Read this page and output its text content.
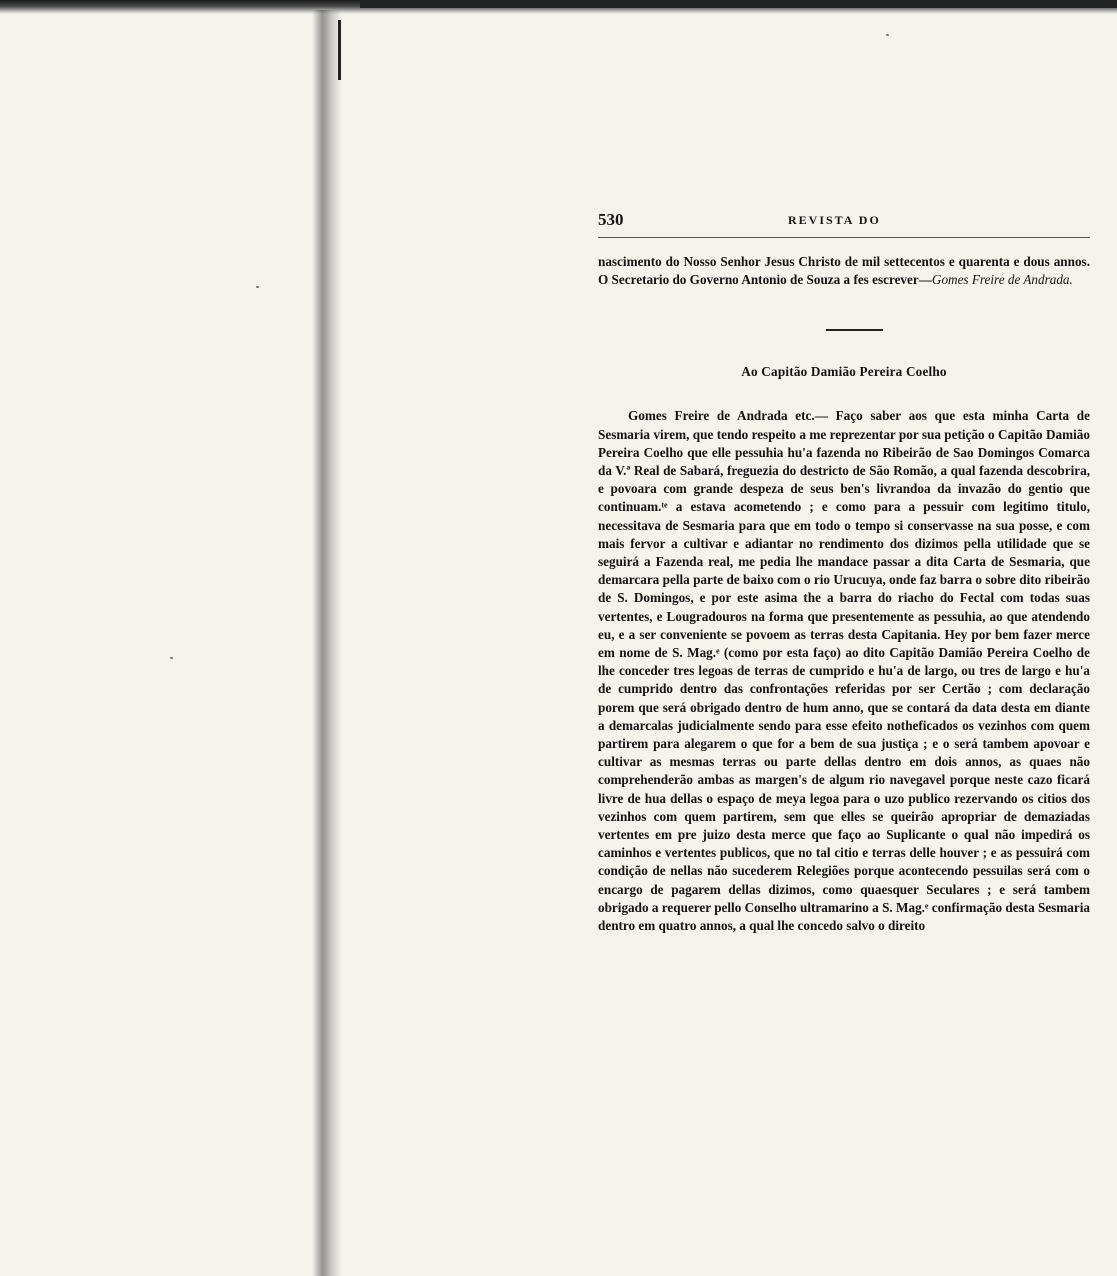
530	REVISTA DO

nascimento do Nosso Senhor Jesus Christo de mil settecentos e quarenta e dous annos. O Secretario do Governo Antonio de Souza a fes escrever—Gomes Freire de Andrada.

Ao Capitão Damião Pereira Coelho

Gomes Freire de Andrada etc.— Faço saber aos que esta minha Carta de Sesmaria virem, que tendo respeito a me reprezentar por sua petição o Capitão Damião Pereira Coelho que elle pessuhia hu'a fazenda no Ribeirão de Sao Domingos Comarca da V.ª Real de Sabará, freguezia do destricto de São Romão, a qual fazenda descobrira, e povoara com grande despeza de seus ben's livrandoa da invazão do gentio que continuam.ᵗᵉ a estava acometendo ; e como para a pessuir com legitimo titulo, necessitava de Sesmaria para que em todo o tempo si conservasse na sua posse, e com mais fervor a cultivar e adiantar no rendimento dos dizimos pella utilidade que se seguirá a Fazenda real, me pedia lhe mandace passar a dita Carta de Sesmaria, que demarcara pella parte de baixo com o rio Urucuya, onde faz barra o sobre dito ribeirão de S. Domingos, e por este asima the a barra do riacho do Fectal com todas suas vertentes, e Lougradouros na forma que presentemente as pessuhia, ao que atendendo eu, e a ser conveniente se povoem as terras desta Capitania. Hey por bem fazer merce em nome de S. Mag.ᵉ (como por esta faço) ao dito Capitão Damião Pereira Coelho de lhe conceder tres legoas de terras de cumprido e hu'a de largo, ou tres de largo e hu'a de cumprido dentro das confrontações referidas por ser Certão ; com declaração porem que será obrigado dentro de hum anno, que se contará da data desta em diante a demarcalas judicialmente sendo para esse efeito notheficados os vezinhos com quem partirem para alegarem o que for a bem de sua justiça ; e o será tambem apovoar e cultivar as mesmas terras ou parte dellas dentro em dois annos, as quaes não comprehenderão ambas as margen's de algum rio navegavel porque neste cazo ficará livre de hua dellas o espaço de meya legoa para o uzo publico rezervando os citios dos vezinhos com quem partirem, sem que elles se queirão apropriar de demaziadas vertentes em pre juizo desta merce que faço ao Suplicante o qual não impedirá os caminhos e vertentes publicos, que no tal citio e terras delle houver ; e as pessuirá com condição de nellas não sucederem Relegiões porque acontecendo pessuilas será com o encargo de pagarem dellas dizimos, como quaesquer Seculares ; e será tambem obrigado a requerer pello Conselho ultramarino a S. Mag.ᵉ confirmação desta Sesmaria dentro em quatro annos, a qual lhe concedo salvo o direito
